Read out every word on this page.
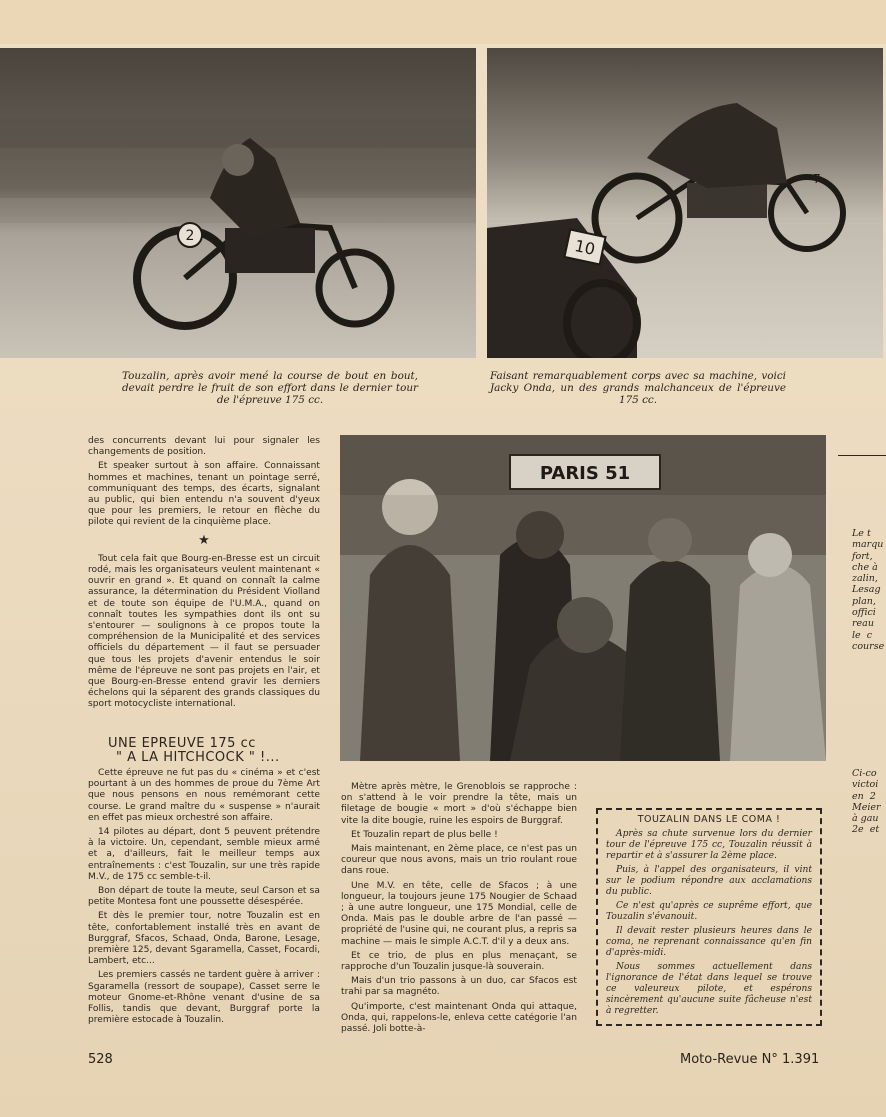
2
10
7
Touzalin, après avoir mené la course de bout en bout, devait perdre le fruit de son effort dans le dernier tour de l'épreuve 175 cc.
Faisant remarquablement corps avec sa machine, voici Jacky Onda, un des grands malchanceux de l'épreuve 175 cc.

des concurrents devant lui pour signaler les changements de position.

Et speaker surtout à son affaire. Connaissant hommes et machines, tenant un pointage serré, communiquant des temps, des écarts, signalant au public, qui bien entendu n'a souvent d'yeux que pour les premiers, le retour en flèche du pilote qui revient de la cinquième place.

★

Tout cela fait que Bourg-en-Bresse est un circuit rodé, mais les organisateurs veulent maintenant « ouvrir en grand ». Et quand on connaît la calme assurance, la détermination du Président Violland et de toute son équipe de l'U.M.A., quand on connaît toutes les sympathies dont ils ont su s'entourer — soulignons à ce propos toute la compréhension de la Municipalité et des services officiels du département — il faut se persuader que tous les projets d'avenir entendus le soir même de l'épreuve ne sont pas projets en l'air, et que Bourg-en-Bresse entend gravir les derniers échelons qui la séparent des grands classiques du sport motocycliste international.

PARIS 51
Le t
marqu
fort,
che à
zalin,
Lesag
plan,
offici
reau
le  c
course
Ci-co
victoi
en  2
Meier
à gau
2e  et
UNE EPREUVE 175 cc
" A LA HITCHCOCK " !...

Cette épreuve ne fut pas du « cinéma » et c'est pourtant à un des hommes de proue du 7ème Art que nous pensons en nous remémorant cette course. Le grand maître du « suspense » n'aurait en effet pas mieux orchestré son affaire.

14 pilotes au départ, dont 5 peuvent prétendre à la victoire. Un, cependant, semble mieux armé et a, d'ailleurs, fait le meilleur temps aux entraînements : c'est Touzalin, sur une très rapide M.V., de 175 cc semble-t-il.

Bon départ de toute la meute, seul Carson et sa petite Montesa font une poussette désespérée.

Et dès le premier tour, notre Touzalin est en tête, confortablement installé très en avant de Burggraf, Sfacos, Schaad, Onda, Barone, Lesage, première 125, devant Sgaramella, Casset, Focardi, Lambert, etc...

Les premiers cassés ne tardent guère à arriver : Sgaramella (ressort de soupape), Casset serre le moteur Gnome-et-Rhône venant d'usine de sa Follis, tandis que devant, Burggraf porte la première estocade à Touzalin.

Mètre après mètre, le Grenoblois se rapproche : on s'attend à le voir prendre la tête, mais un filetage de bougie « mort » d'où s'échappe bien vite la dite bougie, ruine les espoirs de Burggraf.

Et Touzalin repart de plus belle !

Mais maintenant, en 2ème place, ce n'est pas un coureur que nous avons, mais un trio roulant roue dans roue.

Une M.V. en tête, celle de Sfacos ; à une longueur, la toujours jeune 175 Nougier de Schaad ; à une autre longueur, une 175 Mondial, celle de Onda. Mais pas le double arbre de l'an passé — propriété de l'usine qui, ne courant plus, a repris sa machine — mais le simple A.C.T. d'il y a deux ans.

Et ce trio, de plus en plus menaçant, se rapproche d'un Touzalin jusque-là souverain.

Mais d'un trio passons à un duo, car Sfacos est trahi par sa magnéto.

Qu'importe, c'est maintenant Onda qui attaque, Onda, qui, rappelons-le, enleva cette catégorie l'an passé. Joli botte-à-

TOUZALIN DANS LE COMA !

Après sa chute survenue lors du dernier tour de l'épreuve 175 cc, Touzalin réussit à repartir et à s'assurer la 2ème place.

Puis, à l'appel des organisateurs, il vint sur le podium répondre aux acclamations du public.

Ce n'est qu'après ce suprême effort, que Touzalin s'évanouit.

Il devait rester plusieurs heures dans le coma, ne reprenant connaissance qu'en fin d'après-midi.

Nous sommes actuellement dans l'ignorance de l'état dans lequel se trouve ce valeureux pilote, et espérons sincèrement qu'aucune suite fâcheuse n'est à regretter.

528	Moto-Revue N° 1.391
